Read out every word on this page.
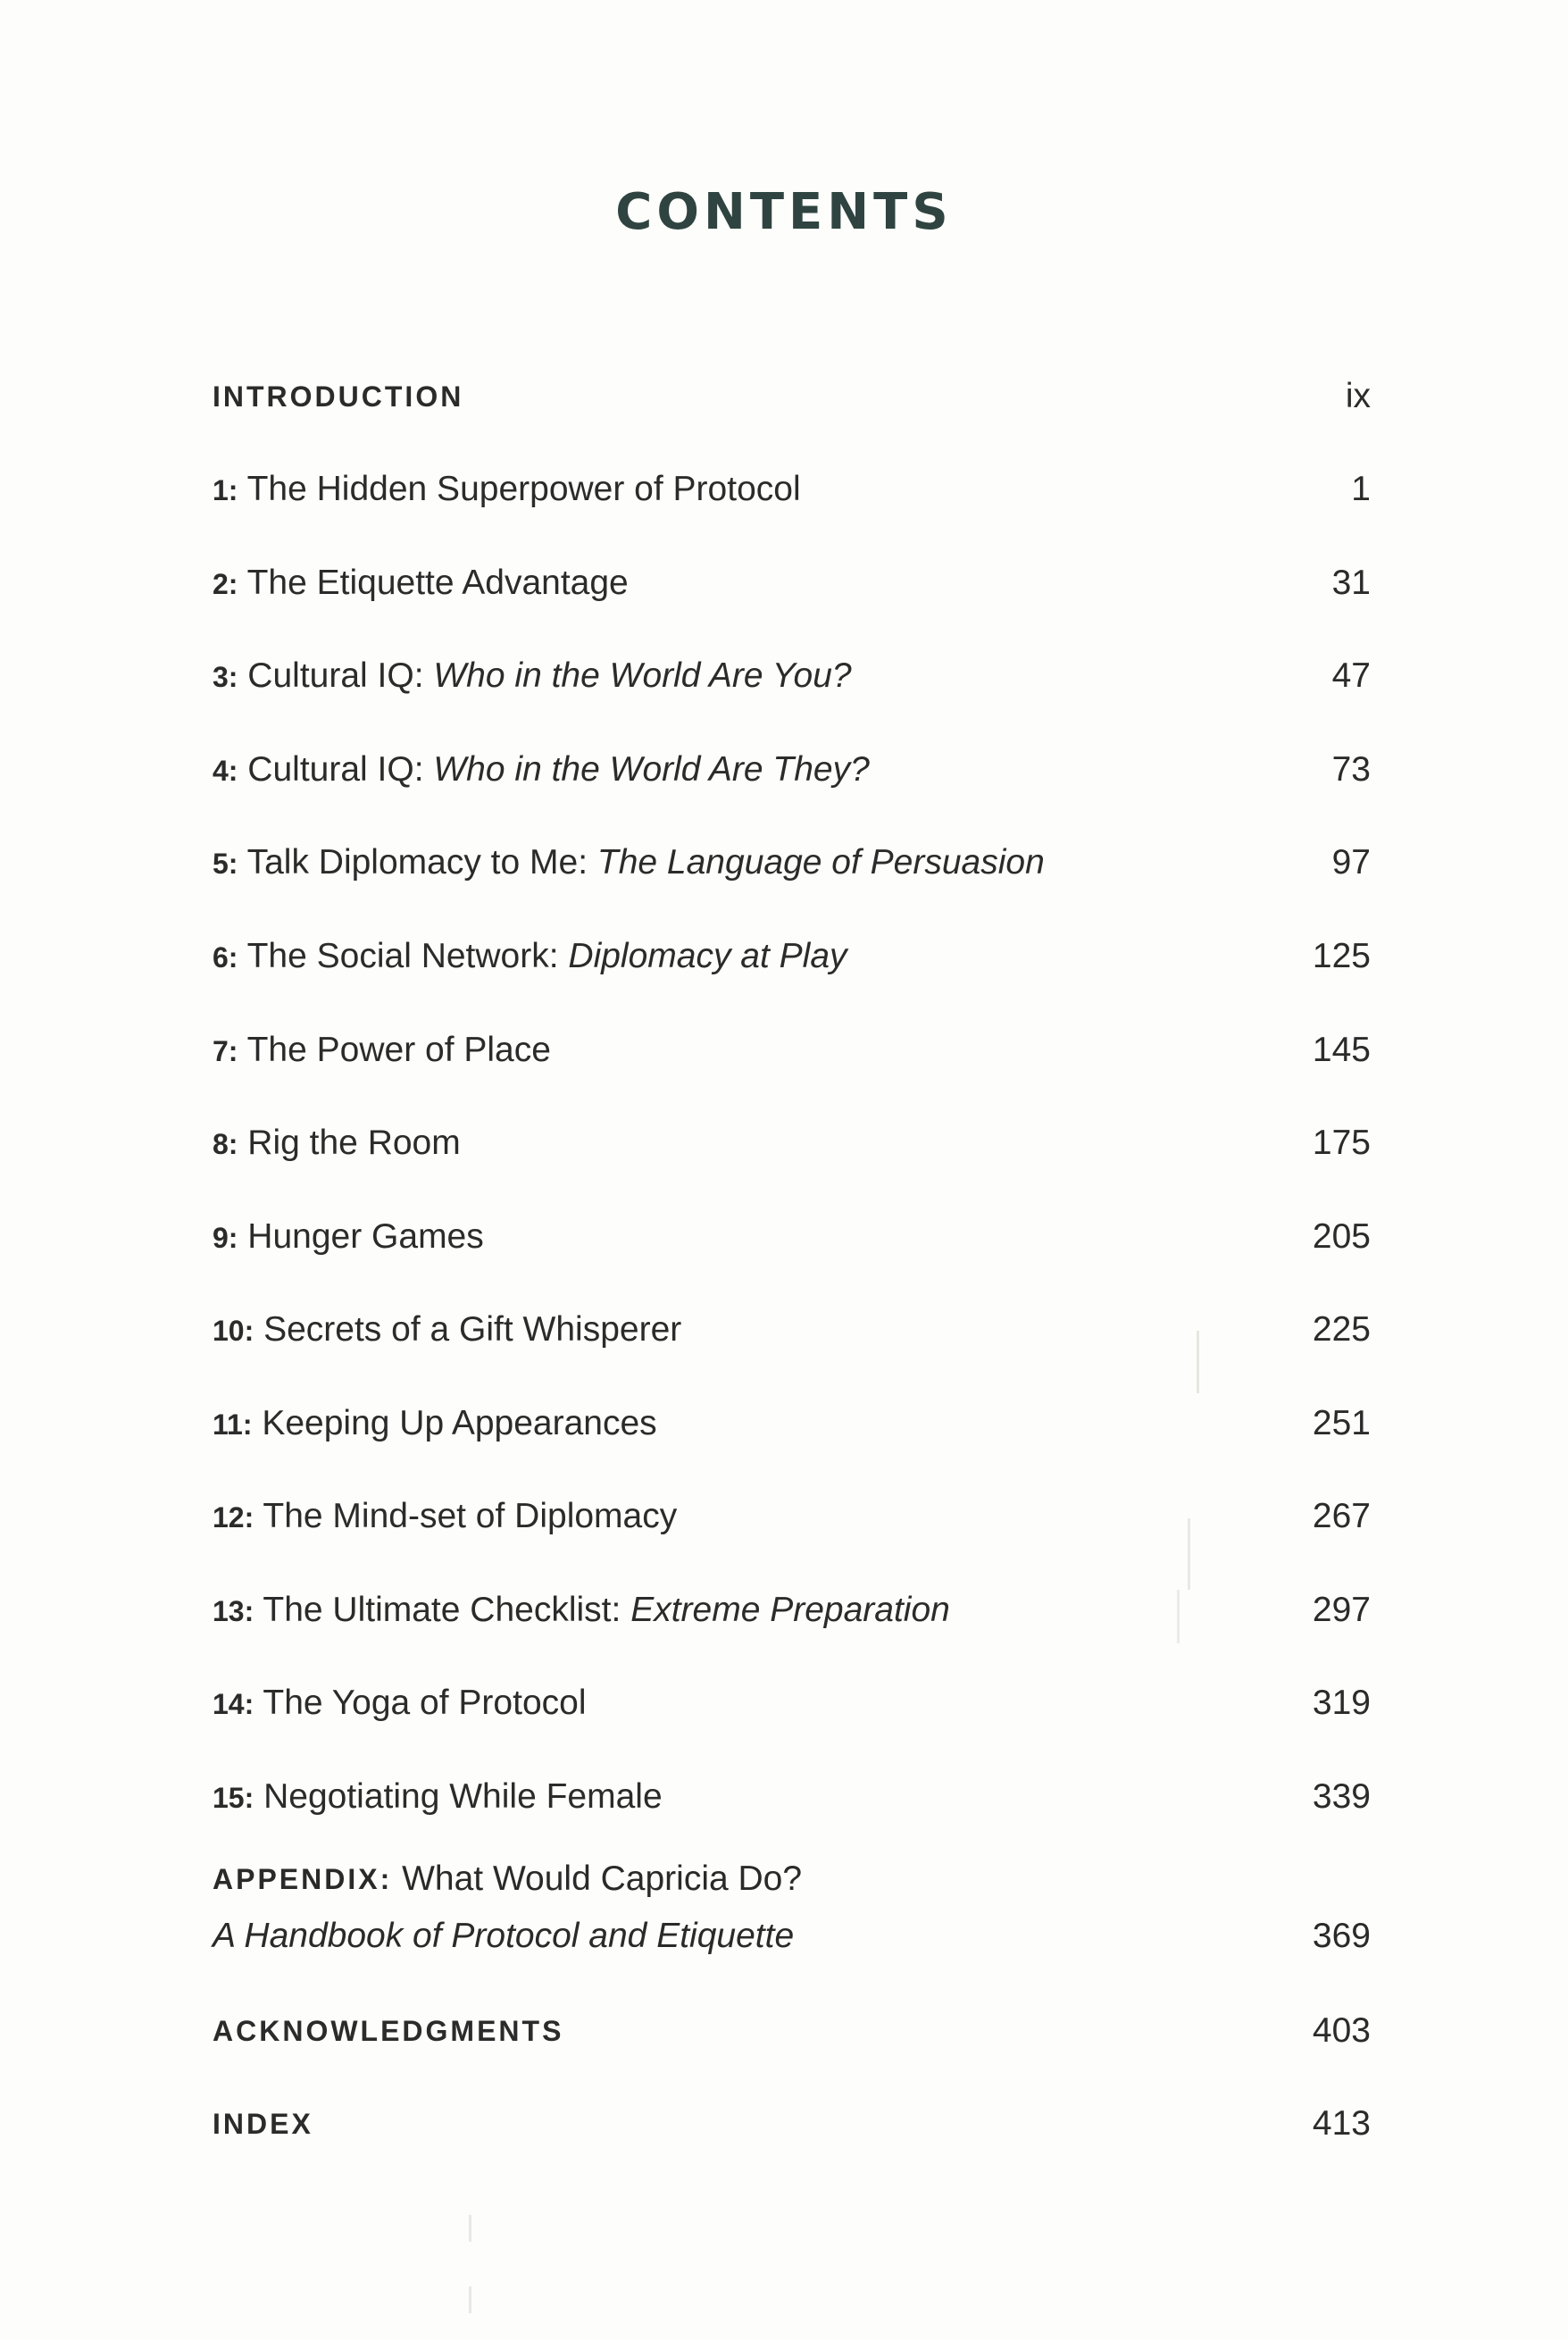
CONTENTS
INTRODUCTION	ix
1: The Hidden Superpower of Protocol	1
2: The Etiquette Advantage	31
3: Cultural IQ: Who in the World Are You?	47
4: Cultural IQ: Who in the World Are They?	73
5: Talk Diplomacy to Me: The Language of Persuasion	97
6: The Social Network: Diplomacy at Play	125
7: The Power of Place	145
8: Rig the Room	175
9: Hunger Games	205
10: Secrets of a Gift Whisperer	225
11: Keeping Up Appearances	251
12: The Mind-set of Diplomacy	267
13: The Ultimate Checklist: Extreme Preparation	297
14: The Yoga of Protocol	319
15: Negotiating While Female	339
APPENDIX: What Would Capricia Do?
A Handbook of Protocol and Etiquette	369
ACKNOWLEDGMENTS	403
INDEX	413
